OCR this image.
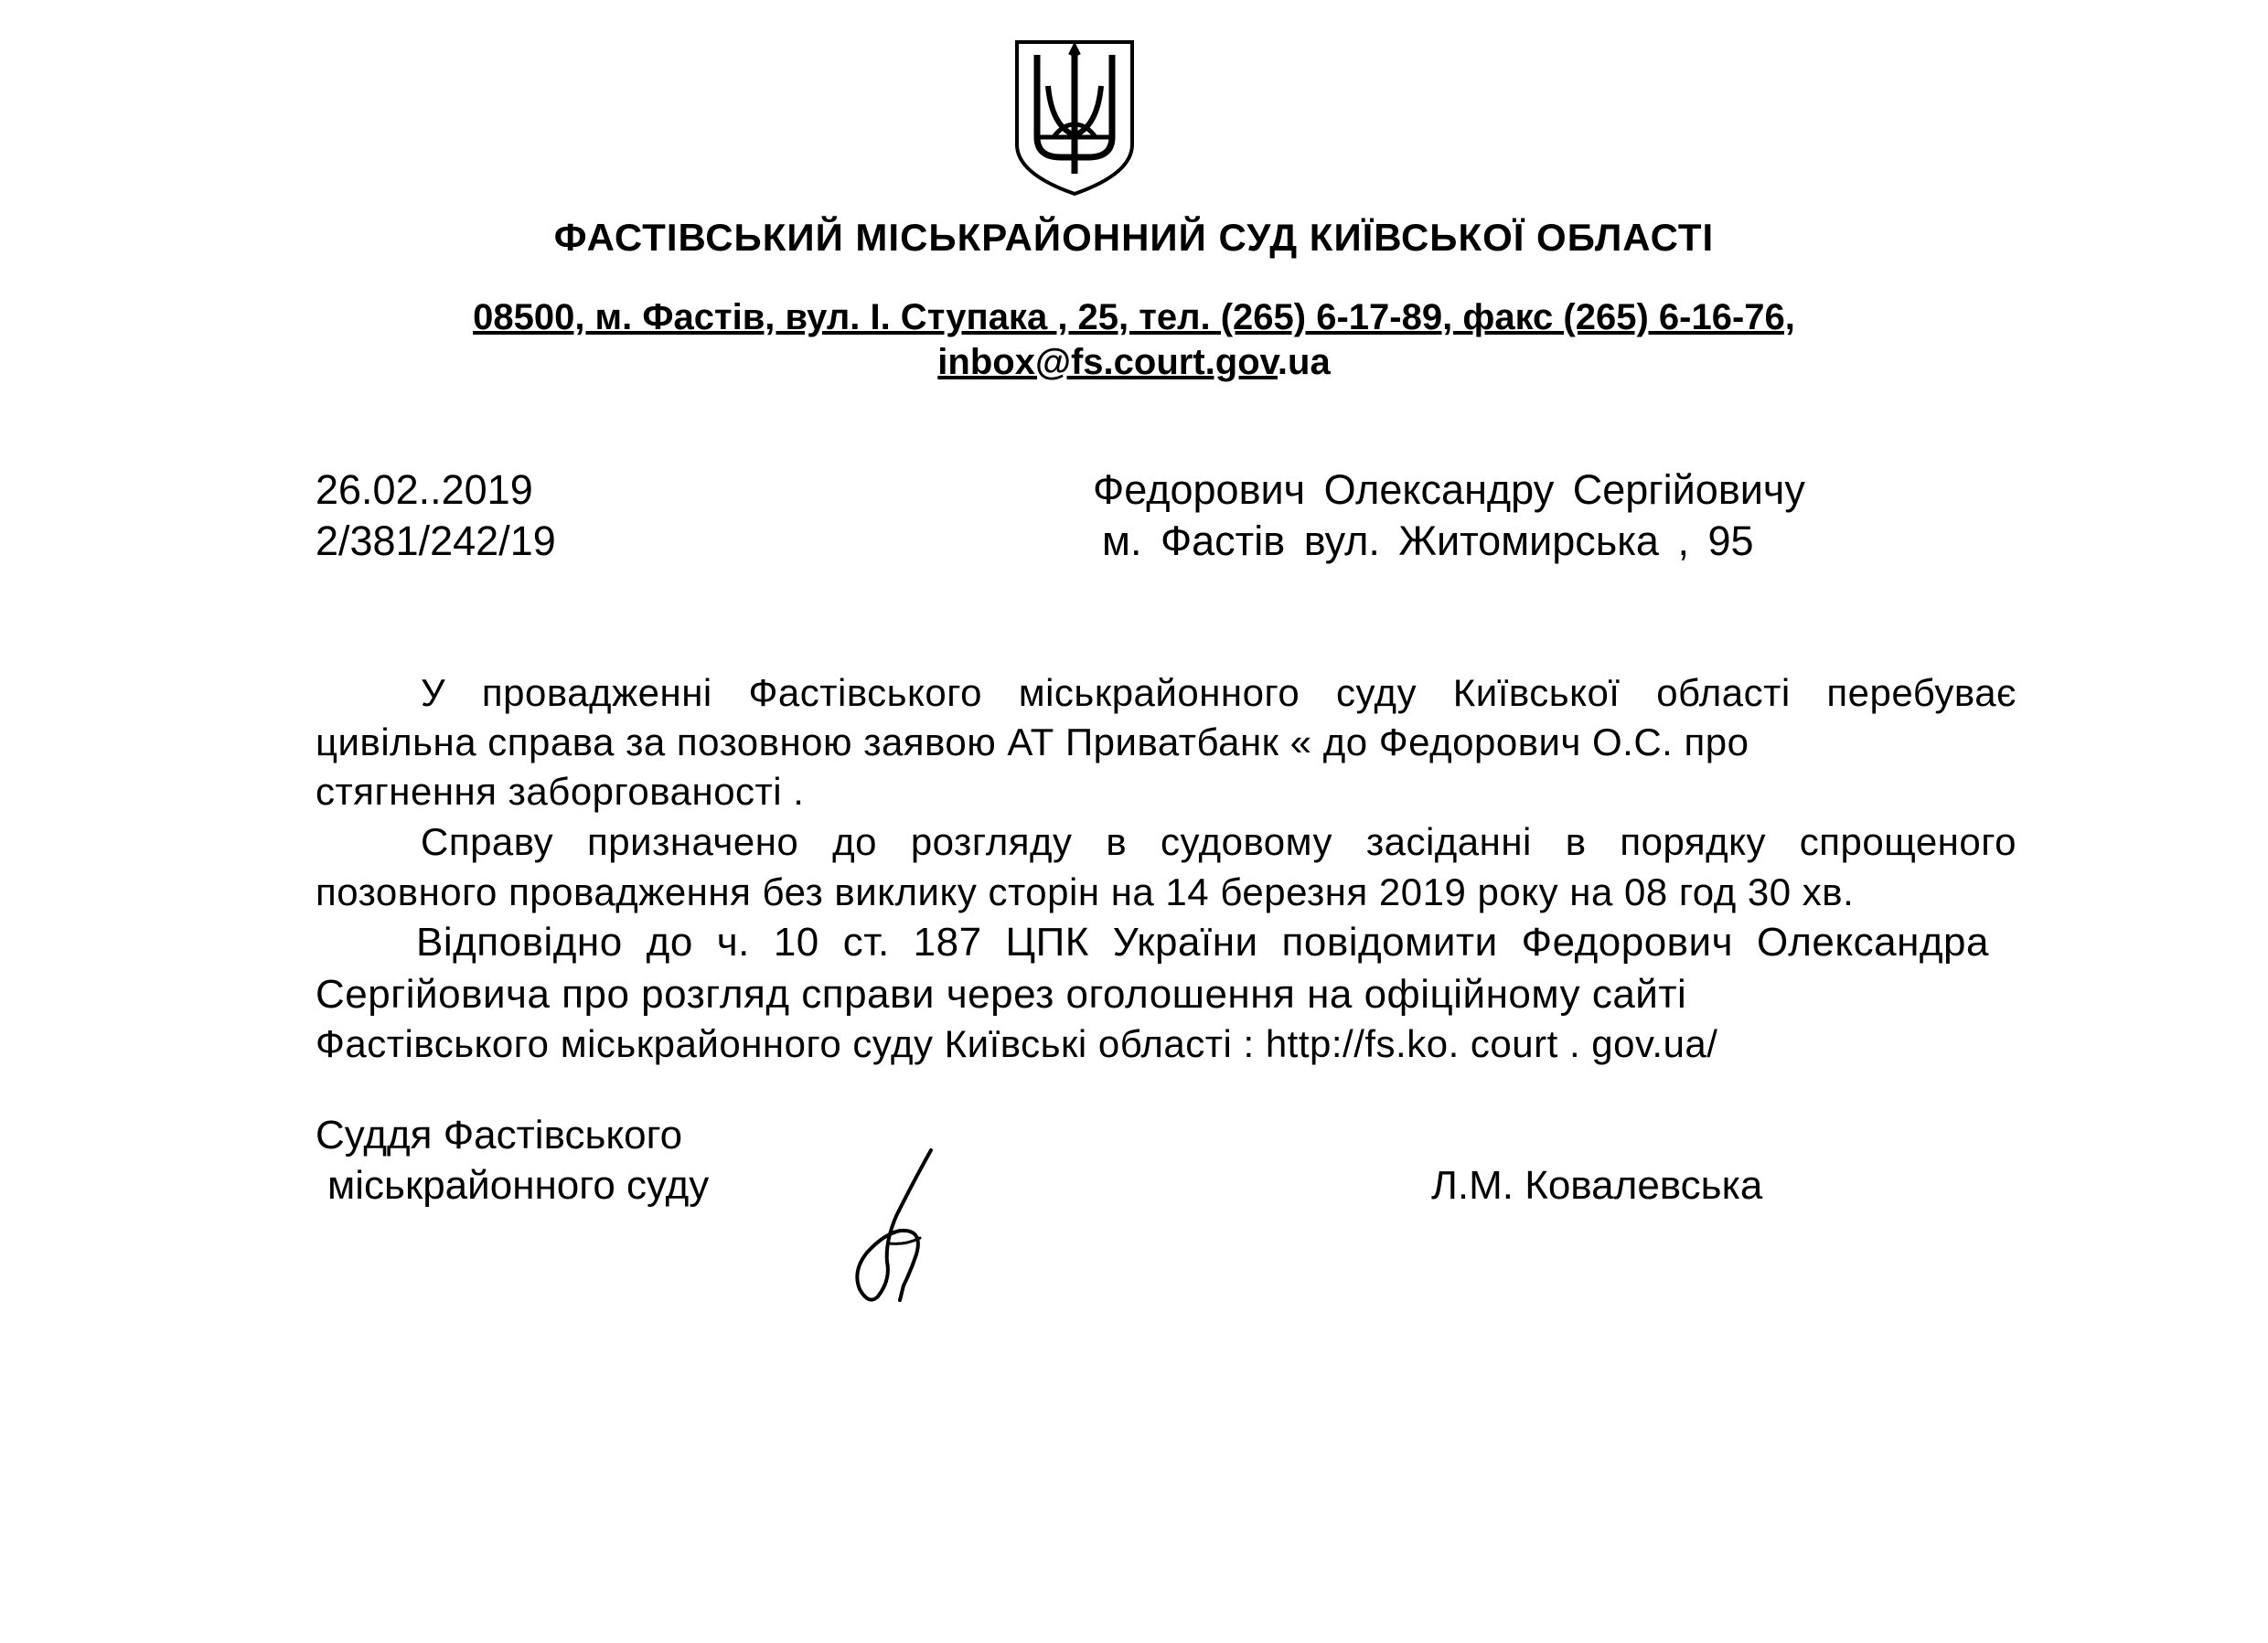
ФАСТІВСЬКИЙ МІСЬКРАЙОННИЙ СУД КИЇВСЬКОЇ ОБЛАСТІ
08500, м. Фастів, вул. І. Ступака , 25, тел. (265) 6-17-89, факс (265) 6-16-76,
inbox@fs.court.gov.ua
26.02..2019
2/381/242/19
Федорович Олександру Сергійовичу
м. Фастів вул. Житомирська , 95
У провадженні Фастівського міськрайонного суду Київської області перебуває
цивільна справа за позовною заявою АТ Приватбанк « до Федорович О.С. про
стягнення заборгованості .
Справу призначено до розгляду в судовому засіданні в порядку спрощеного
позовного провадження без виклику сторін на 14 березня 2019 року на 08 год 30 хв.
Відповідно до ч. 10 ст. 187 ЦПК України повідомити Федорович Олександра
Сергійовича про розгляд справи через оголошення на офіційному сайті
Фастівського міськрайонного суду Київські області : http://fs.ko. court . gov.ua/
Суддя Фастівського
міськрайонного суду	Л.М. Ковалевська
